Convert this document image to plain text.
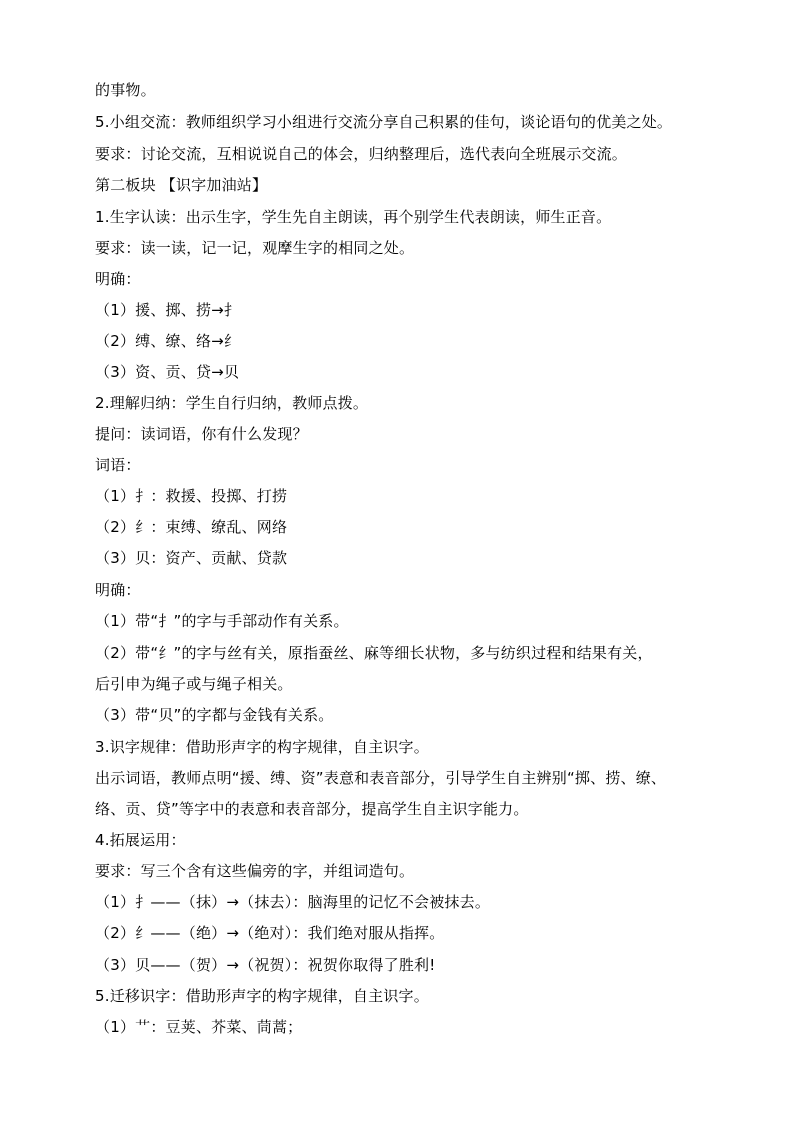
的事物。
5.小组交流：教师组织学习小组进行交流分享自己积累的佳句，谈论语句的优美之处。
要求：讨论交流，互相说说自己的体会，归纳整理后，选代表向全班展示交流。
第二板块 【识字加油站】
1.生字认读：出示生字，学生先自主朗读，再个别学生代表朗读，师生正音。
要求：读一读，记一记，观摩生字的相同之处。
明确：
（1）援、掷、捞→扌
（2）缚、缭、络→纟
（3）资、贡、贷→贝
2.理解归纳：学生自行归纳，教师点拨。
提问：读词语，你有什么发现？
词语：
（1）扌：救援、投掷、打捞
（2）纟：束缚、缭乱、网络
（3）贝：资产、贡献、贷款
明确：
（1）带“扌”的字与手部动作有关系。
（2）带“纟”的字与丝有关，原指蚕丝、麻等细长状物，多与纺织过程和结果有关，
后引申为绳子或与绳子相关。
（3）带“贝”的字都与金钱有关系。
3.识字规律：借助形声字的构字规律，自主识字。
出示词语，教师点明“援、缚、资”表意和表音部分，引导学生自主辨别“掷、捞、缭、
络、贡、贷”等字中的表意和表音部分，提高学生自主识字能力。
4.拓展运用：
要求：写三个含有这些偏旁的字，并组词造句。
（1）扌——（抹）→（抹去）：脑海里的记忆不会被抹去。
（2）纟——（绝）→（绝对）：我们绝对服从指挥。
（3）贝——（贺）→（祝贺）：祝贺你取得了胜利!
5.迁移识字：借助形声字的构字规律，自主识字。
（1）艹：豆荚、芥菜、茼蒿；
